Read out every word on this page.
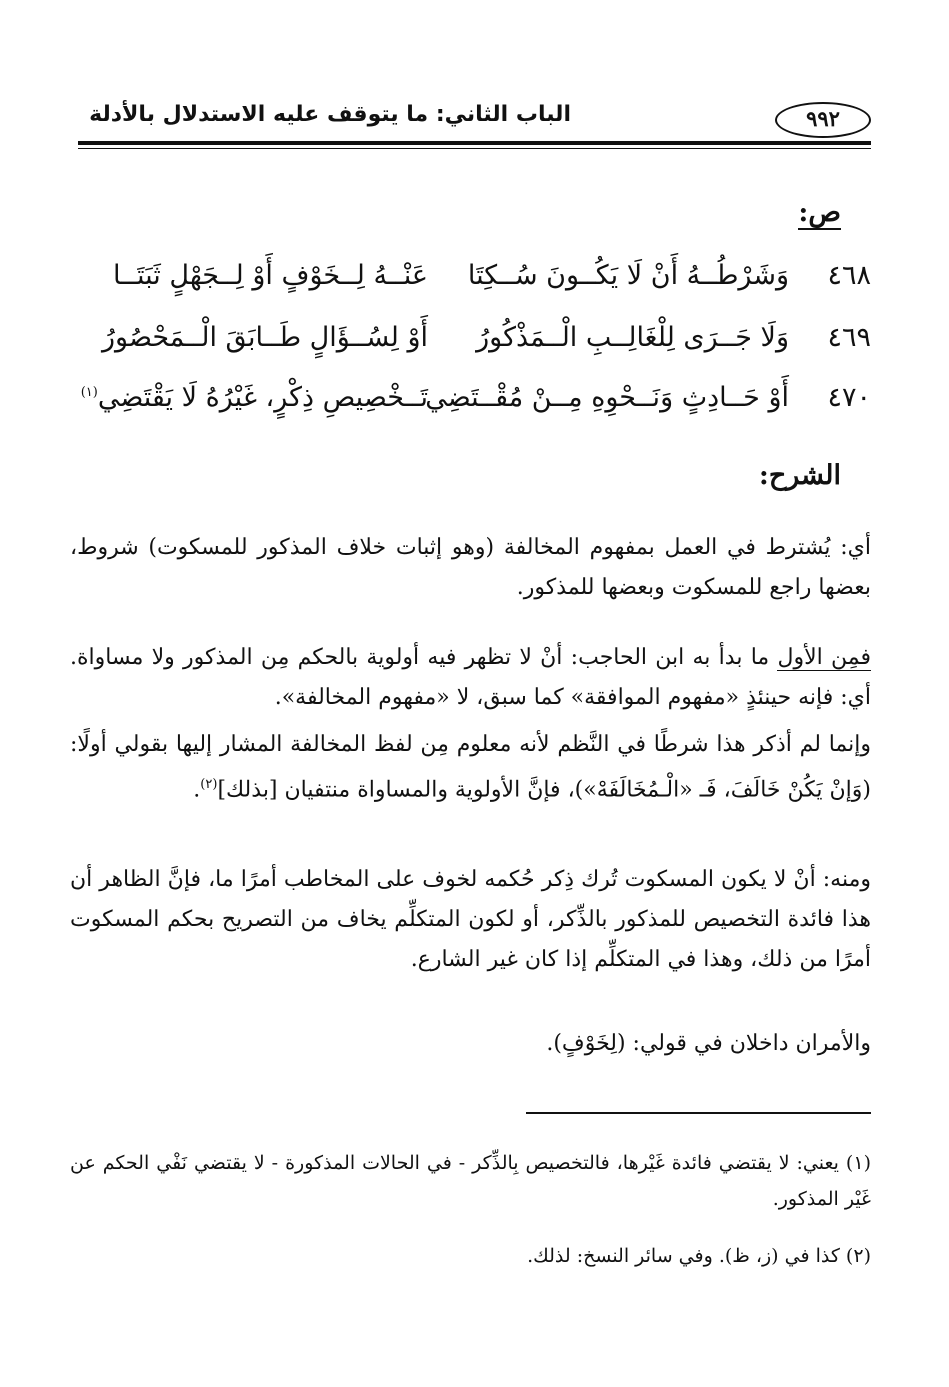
٩٩٢
الباب الثاني: ما يتوقف عليه الاستدلال بالأدلة
ص:
٤٦٨
وَشَرْطُــهُ أَنْ لَا يَكُــونَ سُــكِتَا
عَنْــهُ لِــخَوْفٍ أَوْ لِــجَهْلٍ ثَبَتَــا
٤٦٩
وَلَا جَــرَى لِلْغَالِــبِ الْــمَذْكُورُ
أَوْ لِسُــؤَالٍ طَــابَقَ الْــمَحْصُورُ
٤٧٠
أَوْ حَــادِثٍ وَنَــحْوِهِ مِــنْ مُقْــتَضِي
تَــخْصِيصِ ذِكْرٍ، غَيْرُهُ لَا يَقْتَضِي$^{(١)}$
الشرح:
أي: يُشترط في العمل بمفهوم المخالفة (وهو إثبات خلاف المذكور للمسكوت) شروط، بعضها راجع للمسكوت وبعضها للمذكور.
فمِن الأول ما بدأ به ابن الحاجب: أنْ لا تظهر فيه أولوية بالحكم مِن المذكور ولا مساواة. أي: فإنه حينئذٍ «مفهوم الموافقة» كما سبق، لا «مفهوم المخالفة».
وإنما لم أذكر هذا شرطًا في النَّظم لأنه معلوم مِن لفظ المخالفة المشار إليها بقولي أولًا: (وَإنْ يَكُنْ خَالَفَ، فَـ «الْـمُخَالَفَهْ»)، فإنَّ الأولوية والمساواة منتفيان [بذلك]$^{(٢)}$.
ومنه: أنْ لا يكون المسكوت تُرك ذِكر حُكمه لخوف على المخاطب أمرًا ما، فإنَّ الظاهر أن هذا فائدة التخصيص للمذكور بالذِّكر، أو لكون المتكلِّم يخاف من التصريح بحكم المسكوت أمرًا من ذلك، وهذا في المتكلِّم إذا كان غير الشارع.
والأمران داخلان في قولي: (لِخَوْفٍ).
(١) يعني: لا يقتضي فائدة غَيْرها، فالتخصيص بِالذِّكر - في الحالات المذكورة - لا يقتضي نَفْي الحكم عن غَيْر المذكور.
(٢) كذا في (ز، ظ). وفي سائر النسخ: لذلك.
